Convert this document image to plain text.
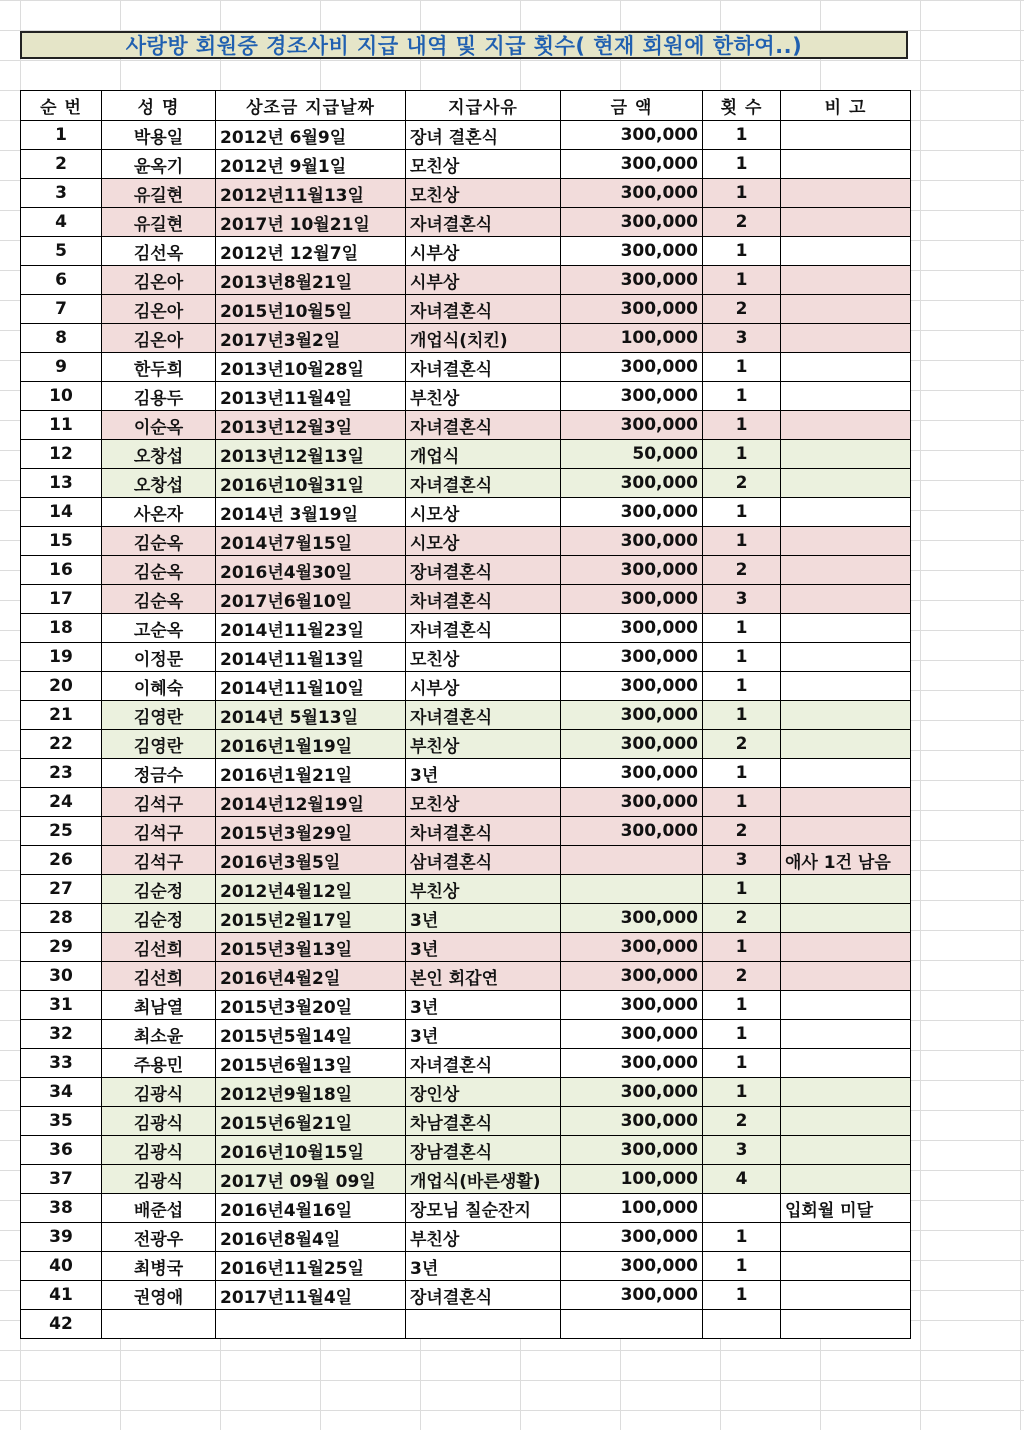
사랑방 회원중 경조사비 지급 내역 및 지급 횟수( 현재 회원에 한하여..)
순 번	성 명	상조금 지급날짜	지급사유	금 액	횟 수	비 고
1	박용일	2012년 6월9일	장녀 결혼식	300,000	1	
2	윤옥기	2012년 9월1일	모친상	300,000	1	
3	유길현	2012년11월13일	모친상	300,000	1	
4	유길현	2017년 10월21일	자녀결혼식	300,000	2	
5	김선옥	2012년 12월7일	시부상	300,000	1	
6	김온아	2013년8월21일	시부상	300,000	1	
7	김온아	2015년10월5일	자녀결혼식	300,000	2	
8	김온아	2017년3월2일	개업식(치킨)	100,000	3	
9	한두희	2013년10월28일	자녀결혼식	300,000	1	
10	김용두	2013년11월4일	부친상	300,000	1	
11	이순옥	2013년12월3일	자녀결혼식	300,000	1	
12	오창섭	2013년12월13일	개업식	50,000	1	
13	오창섭	2016년10월31일	자녀결혼식	300,000	2	
14	사온자	2014년 3월19일	시모상	300,000	1	
15	김순옥	2014년7월15일	시모상	300,000	1	
16	김순옥	2016년4월30일	장녀결혼식	300,000	2	
17	김순옥	2017년6월10일	차녀결혼식	300,000	3	
18	고순옥	2014년11월23일	자녀결혼식	300,000	1	
19	이정문	2014년11월13일	모친상	300,000	1	
20	이혜숙	2014년11월10일	시부상	300,000	1	
21	김영란	2014년 5월13일	자녀결혼식	300,000	1	
22	김영란	2016년1월19일	부친상	300,000	2	
23	정금수	2016년1월21일	3년	300,000	1	
24	김석구	2014년12월19일	모친상	300,000	1	
25	김석구	2015년3월29일	차녀결혼식	300,000	2	
26	김석구	2016년3월5일	삼녀결혼식		3	애사 1건 남음
27	김순정	2012년4월12일	부친상		1	
28	김순정	2015년2월17일	3년	300,000	2	
29	김선희	2015년3월13일	3년	300,000	1	
30	김선희	2016년4월2일	본인 회갑연	300,000	2	
31	최남열	2015년3월20일	3년	300,000	1	
32	최소윤	2015년5월14일	3년	300,000	1	
33	주용민	2015년6월13일	자녀결혼식	300,000	1	
34	김광식	2012년9월18일	장인상	300,000	1	
35	김광식	2015년6월21일	차남결혼식	300,000	2	
36	김광식	2016년10월15일	장남결혼식	300,000	3	
37	김광식	2017년 09월 09일	개업식(바른생활)	100,000	4	
38	배준섭	2016년4월16일	장모님 칠순잔지	100,000		입회월 미달
39	전광우	2016년8월4일	부친상	300,000	1	
40	최병국	2016년11월25일	3년	300,000	1	
41	권영애	2017년11월4일	장녀결혼식	300,000	1	
42						
